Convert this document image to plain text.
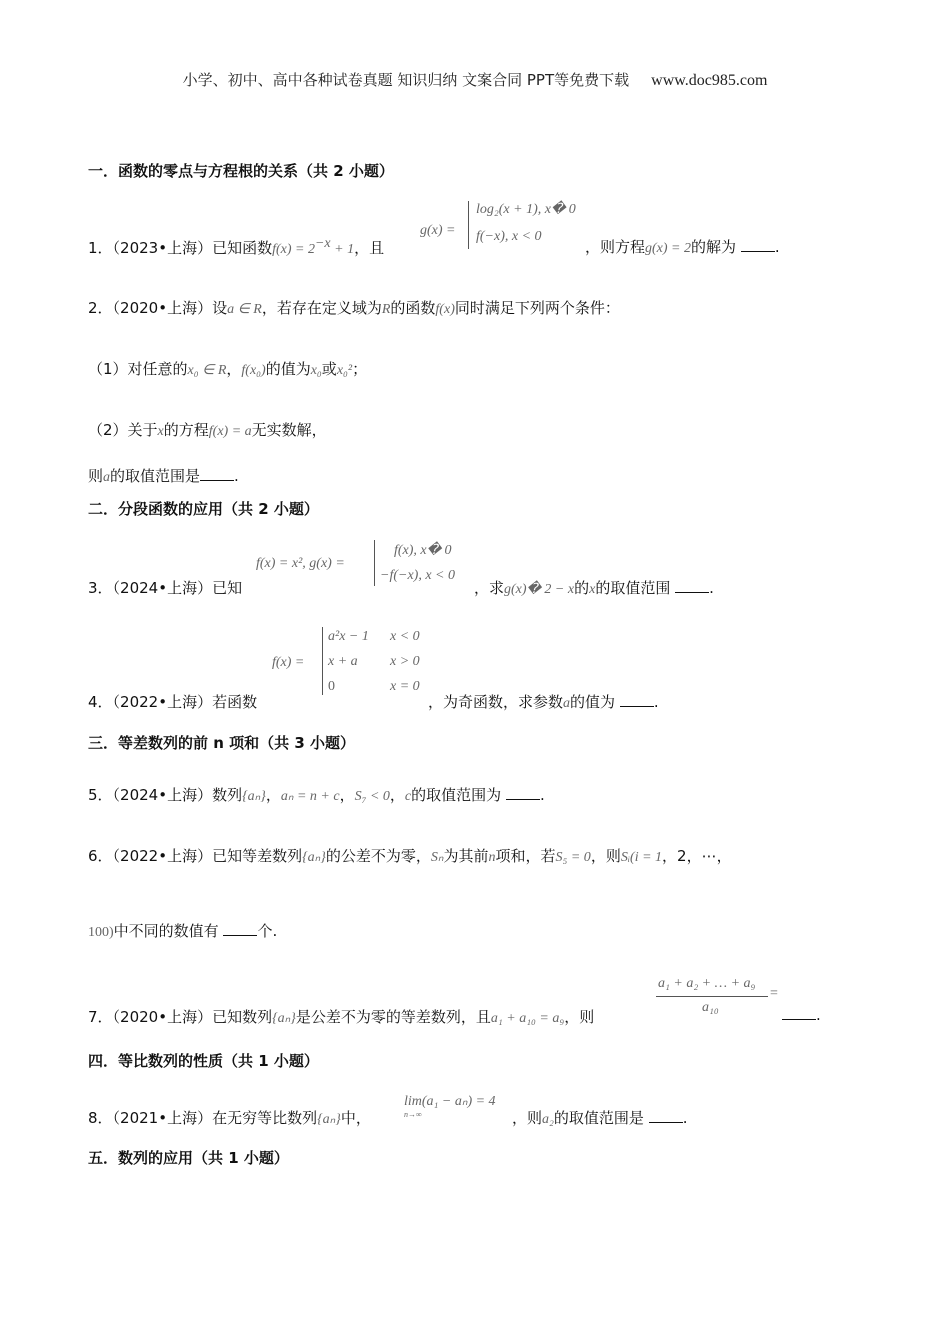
小学、初中、高中各种试卷真题 知识归纳 文案合同 PPT等免费下载 www.doc985.com
一．函数的零点与方程根的关系（共 2 小题）
g(x) =
log₂(x + 1), x� 0
f(−x), x < 0
1．（2023•上海）已知函数$f(x) = 2^{-x} + 1$，且	，则方程g(x) = 2的解为	.
2．（2020•上海）设a ∈ R，若存在定义域为R的函数f(x)同时满足下列两个条件：
（1）对任意的x₀ ∈ R，f(x₀)的值为x₀或x₀²；
（2）关于x的方程f(x) = a无实数解，
则a的取值范围是 .
二．分段函数的应用（共 2 小题）
f(x) = x², g(x) =
f(x), x� 0
−f(−x), x < 0
3．（2024•上海）已知	，求g(x)� 2 − x的x的取值范围	.
f(x) =
a²x − 1 x < 0
x + a x > 0
0	x = 0
4．（2022•上海）若函数	，为奇函数，求参数a的值为	.
三．等差数列的前 n 项和（共 3 小题）
5．（2024•上海）数列{aₙ}，aₙ = n + c，S₇ < 0，c的取值范围为	.
6．（2022•上海）已知等差数列{aₙ}的公差不为零，Sₙ为其前n项和，若S₅ = 0，则Sᵢ(i = 1，2，⋯，
100)中不同的数值有	个.
a₁ + a₂ + … + a₉
a₁₀
=
7．（2020•上海）已知数列{aₙ}是公差不为零的等差数列，且a₁ + a₁₀ = a₉，则	.
四．等比数列的性质（共 1 小题）
lim(a₁ − aₙ) = 4
n→∞
8．（2021•上海）在无穷等比数列{aₙ}中，	，则a₂的取值范围是	.
五．数列的应用（共 1 小题）
